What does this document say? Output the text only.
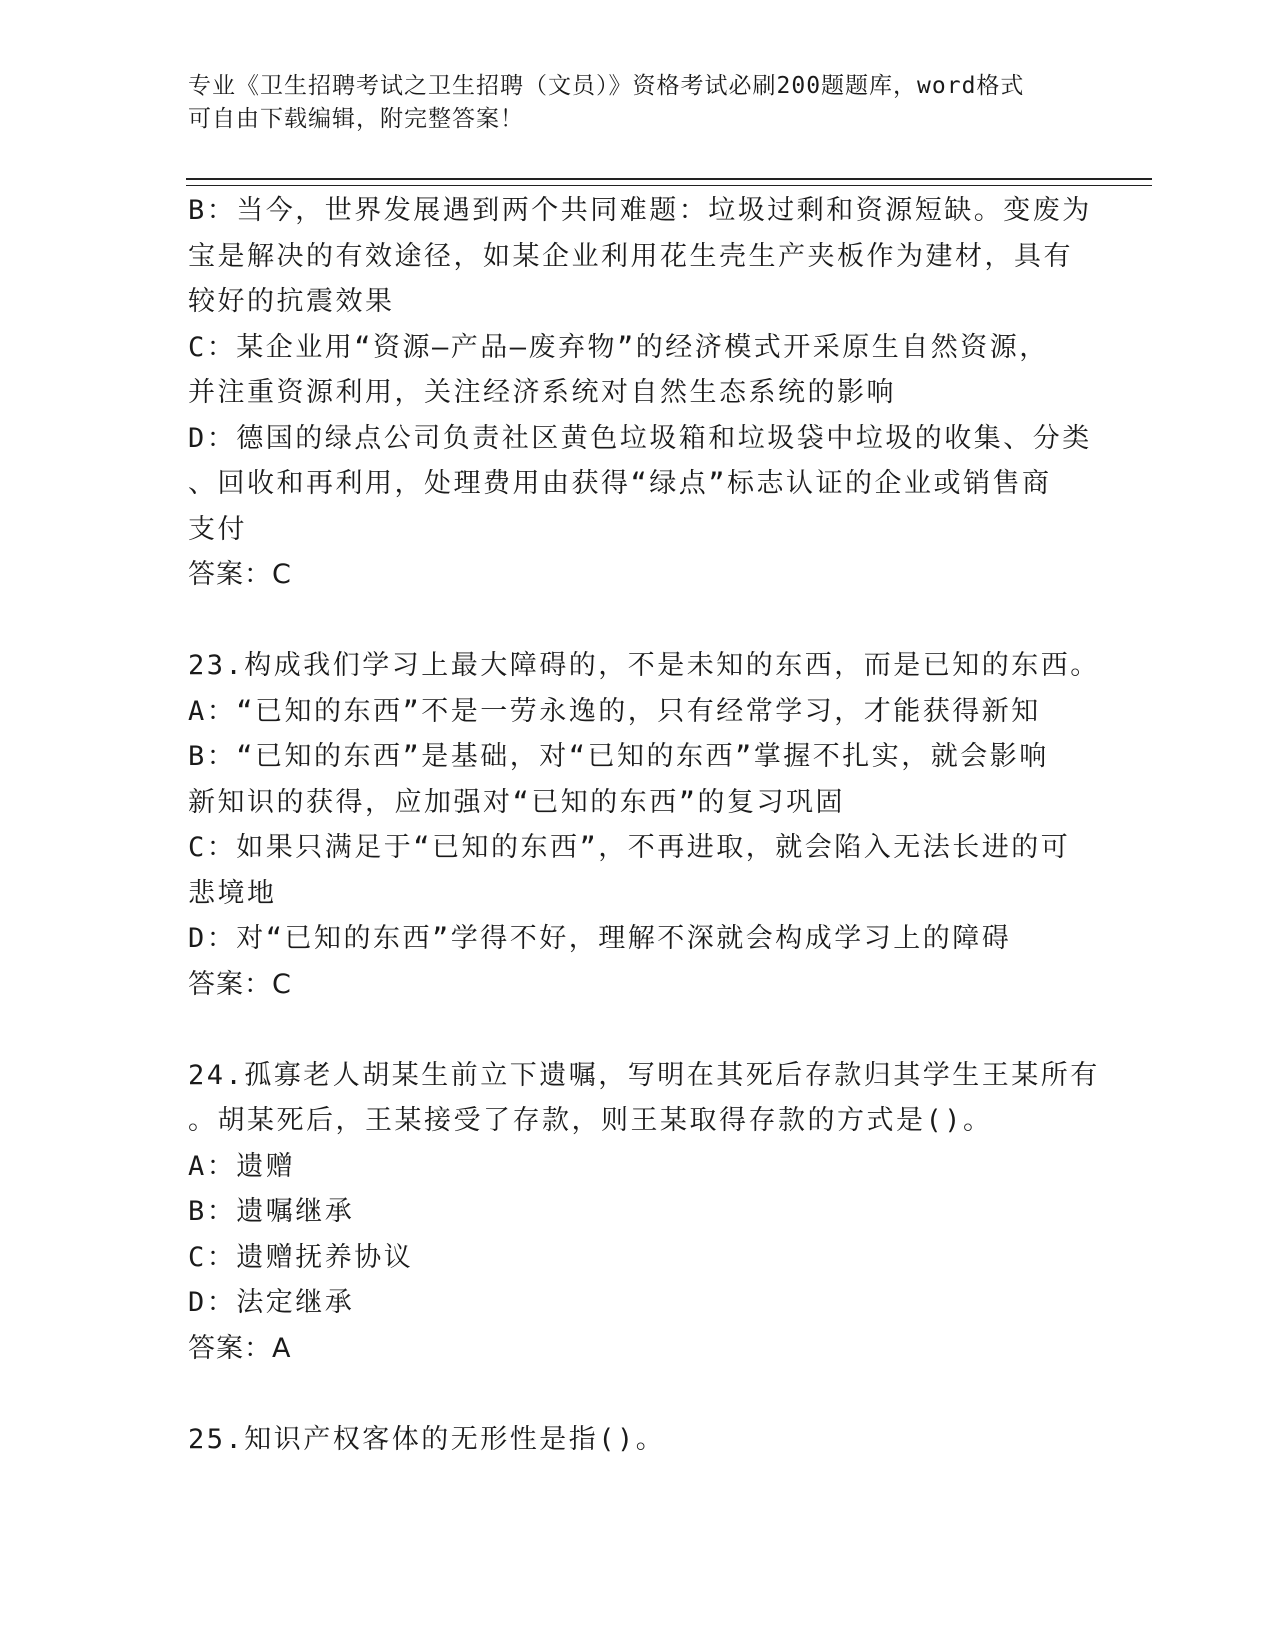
专业《卫生招聘考试之卫生招聘（文员）》资格考试必刷200题题库，word格式
可自由下载编辑，附完整答案！
B：当今，世界发展遇到两个共同难题：垃圾过剩和资源短缺。变废为
宝是解决的有效途径，如某企业利用花生壳生产夹板作为建材，具有
较好的抗震效果
C：某企业用“资源—产品—废弃物”的经济模式开采原生自然资源，
并注重资源利用，关注经济系统对自然生态系统的影响
D：德国的绿点公司负责社区黄色垃圾箱和垃圾袋中垃圾的收集、分类
、回收和再利用，处理费用由获得“绿点”标志认证的企业或销售商
支付
答案：C
23.构成我们学习上最大障碍的，不是未知的东西，而是已知的东西。
A：“已知的东西”不是一劳永逸的，只有经常学习，才能获得新知
B：“已知的东西”是基础，对“已知的东西”掌握不扎实，就会影响
新知识的获得，应加强对“已知的东西”的复习巩固
C：如果只满足于“已知的东西”，不再进取，就会陷入无法长进的可
悲境地
D：对“已知的东西”学得不好，理解不深就会构成学习上的障碍
答案：C
24.孤寡老人胡某生前立下遗嘱，写明在其死后存款归其学生王某所有
。胡某死后，王某接受了存款，则王某取得存款的方式是()。
A：遗赠
B：遗嘱继承
C：遗赠抚养协议
D：法定继承
答案：A
25.知识产权客体的无形性是指()。
